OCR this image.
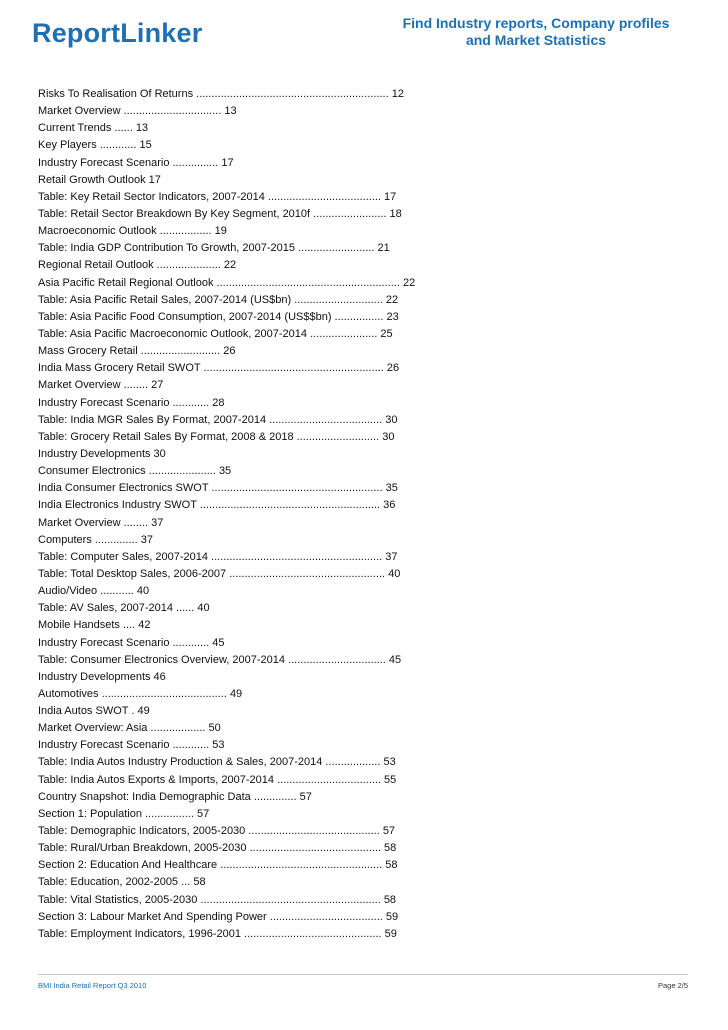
ReportLinker	Find Industry reports, Company profiles
and Market Statistics
Risks To Realisation Of Returns ............................................................... 12
Market Overview ................................ 13
Current Trends ...... 13
Key Players ............ 15
Industry Forecast Scenario ............... 17
Retail Growth Outlook 17
Table: Key Retail Sector Indicators, 2007-2014 ..................................... 17
Table: Retail Sector Breakdown By Key Segment, 2010f ........................ 18
Macroeconomic Outlook ................. 19
Table: India GDP Contribution To Growth, 2007-2015 ......................... 21
Regional Retail Outlook ..................... 22
Asia Pacific Retail Regional Outlook ............................................................ 22
Table: Asia Pacific Retail Sales, 2007-2014 (US$bn) ............................. 22
Table: Asia Pacific Food Consumption, 2007-2014 (US$$bn) ................ 23
Table: Asia Pacific Macroeconomic Outlook, 2007-2014 ...................... 25
Mass Grocery Retail .......................... 26
India Mass Grocery Retail SWOT ........................................................... 26
Market Overview ........ 27
Industry Forecast Scenario ............ 28
Table: India MGR Sales By Format, 2007-2014 ..................................... 30
Table: Grocery Retail Sales By Format, 2008 & 2018 ........................... 30
Industry Developments 30
Consumer Electronics ...................... 35
India Consumer Electronics SWOT ........................................................ 35
India Electronics Industry SWOT ........................................................... 36
Market Overview ........ 37
Computers .............. 37
Table: Computer Sales, 2007-2014 ........................................................ 37
Table: Total Desktop Sales, 2006-2007 ................................................... 40
Audio/Video ........... 40
Table: AV Sales, 2007-2014 ...... 40
Mobile Handsets .... 42
Industry Forecast Scenario ............ 45
Table: Consumer Electronics Overview, 2007-2014 ................................ 45
Industry Developments 46
Automotives ......................................... 49
India Autos SWOT . 49
Market Overview: Asia .................. 50
Industry Forecast Scenario ............ 53
Table: India Autos Industry Production & Sales, 2007-2014 .................. 53
Table: India Autos Exports & Imports, 2007-2014 .................................. 55
Country Snapshot: India Demographic Data .............. 57
Section 1: Population ................ 57
Table: Demographic Indicators, 2005-2030 ........................................... 57
Table: Rural/Urban Breakdown, 2005-2030 ........................................... 58
Section 2: Education And Healthcare ..................................................... 58
Table: Education, 2002-2005 ... 58
Table: Vital Statistics, 2005-2030 ........................................................... 58
Section 3: Labour Market And Spending Power ..................................... 59
Table: Employment Indicators, 1996-2001 ............................................. 59
BMI India Retail Report Q3 2010	Page 2/5
